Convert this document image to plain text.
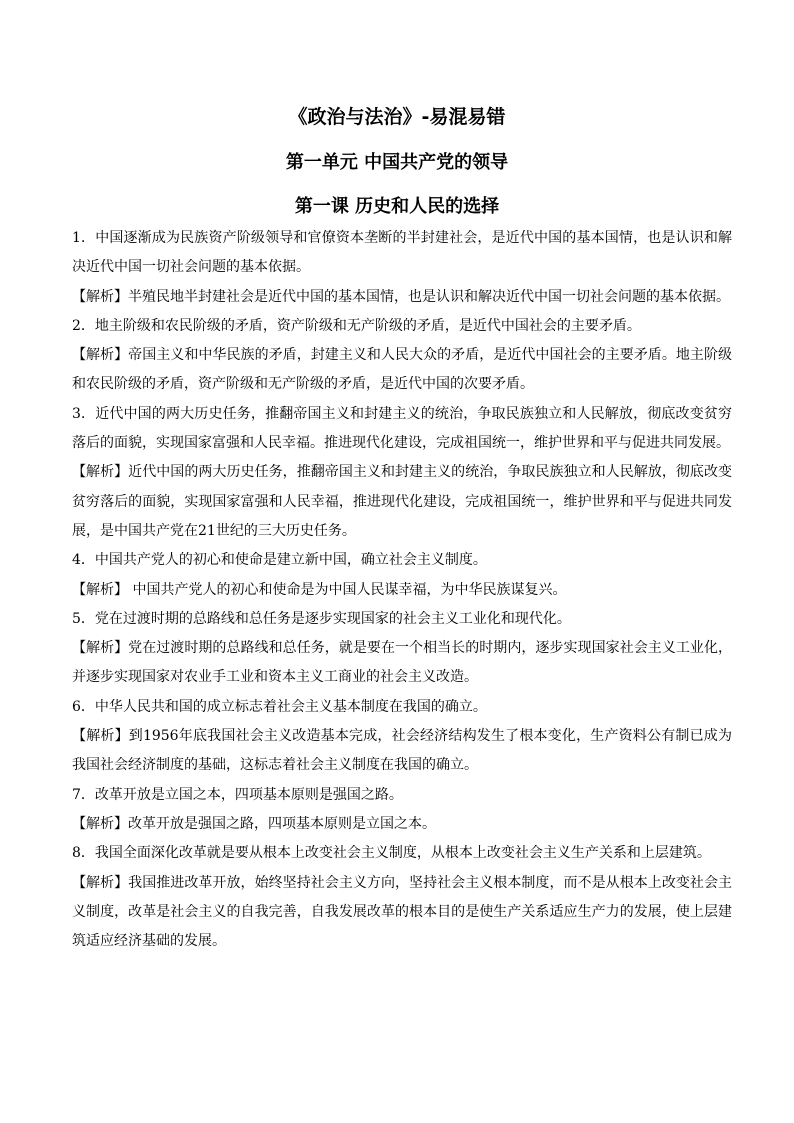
《政治与法治》-易混易错
第一单元 中国共产党的领导
第一课 历史和人民的选择

1．中国逐渐成为民族资产阶级领导和官僚资本垄断的半封建社会，是近代中国的基本国情，也是认识和解决近代中国一切社会问题的基本依据。

【解析】半殖民地半封建社会是近代中国的基本国情，也是认识和解决近代中国一切社会问题的基本依据。

2．地主阶级和农民阶级的矛盾，资产阶级和无产阶级的矛盾，是近代中国社会的主要矛盾。

【解析】帝国主义和中华民族的矛盾，封建主义和人民大众的矛盾，是近代中国社会的主要矛盾。地主阶级和农民阶级的矛盾，资产阶级和无产阶级的矛盾，是近代中国的次要矛盾。

3．近代中国的两大历史任务，推翻帝国主义和封建主义的统治，争取民族独立和人民解放，彻底改变贫穷落后的面貌，实现国家富强和人民幸福。推进现代化建设，完成祖国统一，维护世界和平与促进共同发展。

【解析】近代中国的两大历史任务，推翻帝国主义和封建主义的统治，争取民族独立和人民解放，彻底改变贫穷落后的面貌，实现国家富强和人民幸福，推进现代化建设，完成祖国统一，维护世界和平与促进共同发展，是中国共产党在21世纪的三大历史任务。

4．中国共产党人的初心和使命是建立新中国，确立社会主义制度。

【解析】 中国共产党人的初心和使命是为中国人民谋幸福，为中华民族谋复兴。

5．党在过渡时期的总路线和总任务是逐步实现国家的社会主义工业化和现代化。

【解析】党在过渡时期的总路线和总任务，就是要在一个相当长的时期内，逐步实现国家社会主义工业化，并逐步实现国家对农业手工业和资本主义工商业的社会主义改造。

6．中华人民共和国的成立标志着社会主义基本制度在我国的确立。

【解析】到1956年底我国社会主义改造基本完成，社会经济结构发生了根本变化，生产资料公有制已成为我国社会经济制度的基础，这标志着社会主义制度在我国的确立。

7．改革开放是立国之本，四项基本原则是强国之路。

【解析】改革开放是强国之路，四项基本原则是立国之本。

8．我国全面深化改革就是要从根本上改变社会主义制度，从根本上改变社会主义生产关系和上层建筑。

【解析】我国推进改革开放，始终坚持社会主义方向，坚持社会主义根本制度，而不是从根本上改变社会主义制度，改革是社会主义的自我完善，自我发展改革的根本目的是使生产关系适应生产力的发展，使上层建筑适应经济基础的发展。
